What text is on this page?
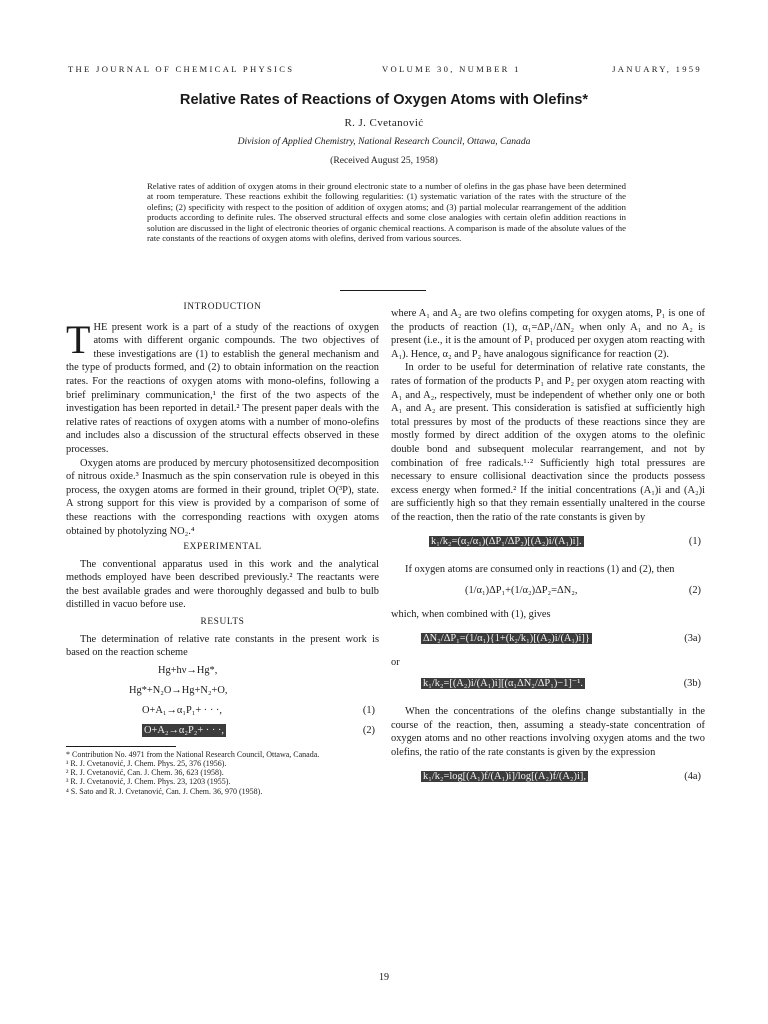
THE JOURNAL OF CHEMICAL PHYSICS	VOLUME 30, NUMBER 1	JANUARY, 1959
Relative Rates of Reactions of Oxygen Atoms with Olefins*
R. J. Cvetanović
Division of Applied Chemistry, National Research Council, Ottawa, Canada
(Received August 25, 1958)
Relative rates of addition of oxygen atoms in their ground electronic state to a number of olefins in the gas phase have been determined at room temperature. These reactions exhibit the following regularities: (1) systematic variation of the rates with the structure of the olefins; (2) specificity with respect to the position of addition of oxygen atoms; and (3) partial molecular rearrangement of the addition products according to definite rules. The observed structural effects and some close analogies with certain olefin addition reactions in solution are discussed in the light of electronic theories of organic chemical reactions. A comparison is made of the absolute values of the rate constants of the reactions of oxygen atoms with olefins, derived from various sources.

INTRODUCTION

THE present work is a part of a study of the reactions of oxygen atoms with different organic compounds. The two objectives of these investigations are (1) to establish the general mechanism and the type of products formed, and (2) to obtain information on the reaction rates. For the reactions of oxygen atoms with mono-olefins, following a brief preliminary communication,¹ the first of the two aspects of the investigation has been reported in detail.² The present paper deals with the relative rates of reactions of oxygen atoms with a number of mono-olefins and includes also a discussion of the structural effects observed in these processes.

Oxygen atoms are produced by mercury photosensitized decomposition of nitrous oxide.³ Inasmuch as the spin conservation rule is obeyed in this process, the oxygen atoms are formed in their ground, triplet O(³P), state. A strong support for this view is provided by a comparison of some of these reactions with the corresponding reactions with oxygen atoms obtained by photolyzing NO₂.⁴

EXPERIMENTAL

The conventional apparatus used in this work and the analytical methods employed have been described previously.² The reactants were the best available grades and were thoroughly degassed and bulb to bulb distilled in vacuo before use.

RESULTS

The determination of relative rate constants in the present work is based on the reaction scheme

Hg+hν→Hg*,
Hg*+N₂O→Hg+N₂+O,
O+A₁→α₁P₁+ · · ·,	(1)
O+A₂→α₂P₂+ · · ·,	(2)

* Contribution No. 4971 from the National Research Council, Ottawa, Canada.

¹ R. J. Cvetanović, J. Chem. Phys. 25, 376 (1956).

² R. J. Cvetanović, Can. J. Chem. 36, 623 (1958).

³ R. J. Cvetanović, J. Chem. Phys. 23, 1203 (1955).

⁴ S. Sato and R. J. Cvetanović, Can. J. Chem. 36, 970 (1958).

where A₁ and A₂ are two olefins competing for oxygen atoms, P₁ is one of the products of reaction (1), α₁=ΔP₁/ΔN₂ when only A₁ and no A₂ is present (i.e., it is the amount of P₁ produced per oxygen atom reacting with A₁). Hence, α₂ and P₂ have analogous significance for reaction (2).

In order to be useful for determination of relative rate constants, the rates of formation of the products P₁ and P₂ per oxygen atom reacting with A₁ and A₂, respectively, must be independent of whether only one or both A₁ and A₂ are present. This consideration is satisfied at sufficiently high total pressures by most of the products of these reactions since they are mostly formed by direct addition of the oxygen atoms to the olefinic double bond and subsequent molecular rearrangement, and not by combination of free radicals.¹·² Sufficiently high total pressures are necessary to ensure collisional deactivation since the products possess excess energy when formed.² If the initial concentrations (A₁)i and (A₂)i are sufficiently high so that they remain essentially unaltered in the course of the reaction, then the ratio of the rate constants is given by

k₁/k₂=(α₂/α₁)(ΔP₁/ΔP₂)[(A₂)i/(A₁)i].	(1)

If oxygen atoms are consumed only in reactions (1) and (2), then

(1/α₁)ΔP₁+(1/α₂)ΔP₂=ΔN₂,	(2)

which, when combined with (1), gives

ΔN₂/ΔP₁=(1/α₁){1+(k₂/k₁)[(A₂)i/(A₁)i]}	(3a)

or

k₁/k₂=[(A₂)i/(A₁)i][(α₁ΔN₂/ΔP₁)−1]⁻¹.	(3b)

When the concentrations of the olefins change substantially in the course of the reaction, then, assuming a steady-state concentration of oxygen atoms and no other reactions involving oxygen atoms and the two olefins, the ratio of the rate constants is given by the expression

k₁/k₂=log[(A₁)f/(A₁)i]/log[(A₂)f/(A₂)i],	(4a)
19
